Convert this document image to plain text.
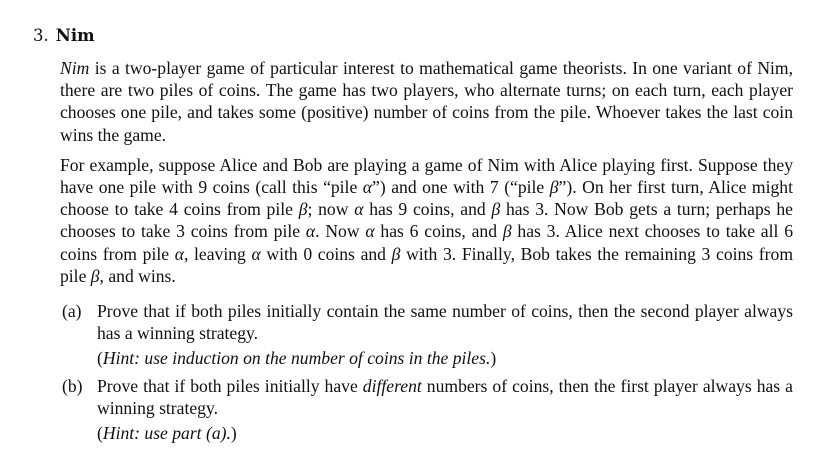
3. Nim

Nim is a two-player game of particular interest to mathematical game theorists. In one variant of Nim, there are two piles of coins. The game has two players, who alternate turns; on each turn, each player chooses one pile, and takes some (positive) number of coins from the pile. Whoever takes the last coin wins the game.

For example, suppose Alice and Bob are playing a game of Nim with Alice playing first. Suppose they have one pile with 9 coins (call this “pile α”) and one with 7 (“pile β”). On her first turn, Alice might choose to take 4 coins from pile β; now α has 9 coins, and β has 3. Now Bob gets a turn; perhaps he chooses to take 3 coins from pile α. Now α has 6 coins, and β has 3. Alice next chooses to take all 6 coins from pile α, leaving α with 0 coins and β with 3. Finally, Bob takes the remaining 3 coins from pile β, and wins.

(a) Prove that if both piles initially contain the same number of coins, then the second player always has a winning strategy.
(Hint: use induction on the number of coins in the piles.)
(b) Prove that if both piles initially have different numbers of coins, then the first player always has a winning strategy.
(Hint: use part (a).)
